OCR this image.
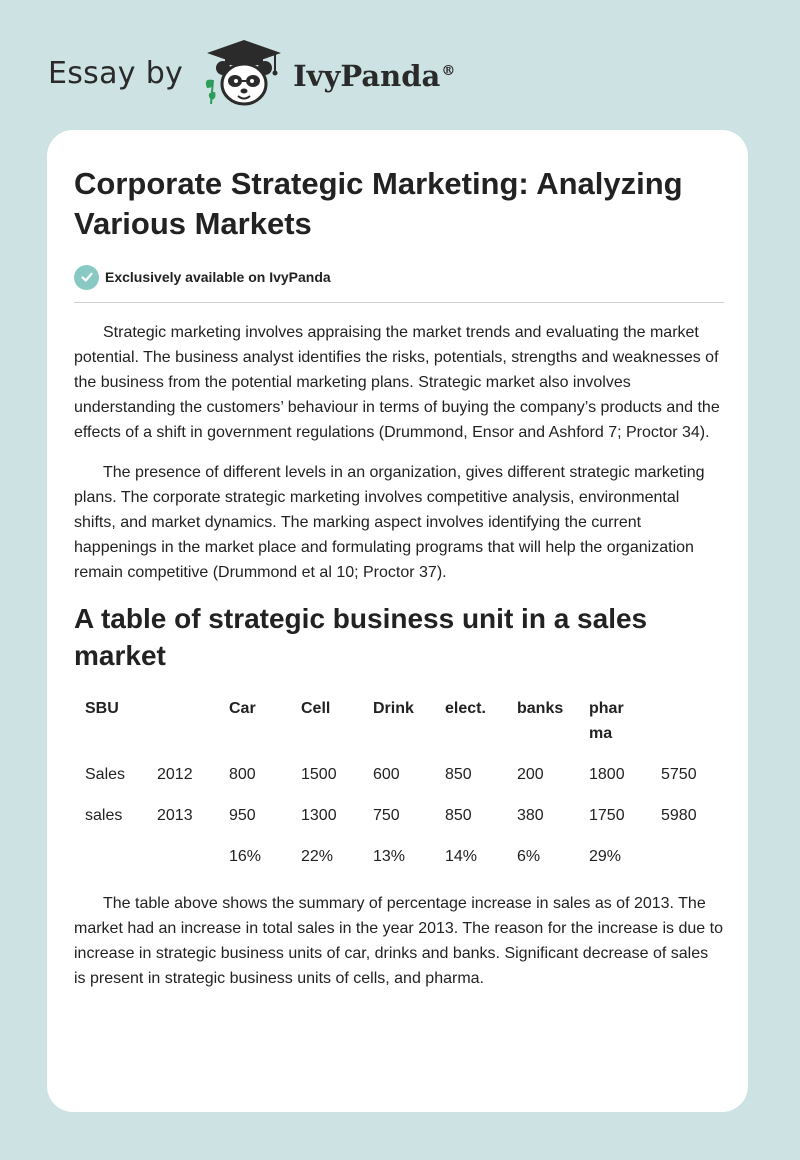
Essay by	IvyPanda®
Corporate Strategic Marketing: Analyzing Various Markets
Exclusively available on IvyPanda

Strategic marketing involves appraising the market trends and evaluating the market potential. The business analyst identifies the risks, potentials, strengths and weaknesses of the business from the potential marketing plans. Strategic market also involves understanding the customers’ behaviour in terms of buying the company’s products and the effects of a shift in government regulations (Drummond, Ensor and Ashford 7; Proctor 34).

The presence of different levels in an organization, gives different strategic marketing plans. The corporate strategic marketing involves competitive analysis, environmental shifts, and market dynamics. The marking aspect involves identifying the current happenings in the market place and formulating programs that will help the organization remain competitive (Drummond et al 10; Proctor 37).

A table of strategic business unit in a sales market
SBU		Car	Cell	Drink	elect.	banks	pharma	
Sales	2012	800	1500	600	850	200	1800	5750
sales	2013	950	1300	750	850	380	1750	5980
		16%	22%	13%	14%	6%	29%	

The table above shows the summary of percentage increase in sales as of 2013. The market had an increase in total sales in the year 2013. The reason for the increase is due to increase in strategic business units of car, drinks and banks. Significant decrease of sales is present in strategic business units of cells, and pharma.
